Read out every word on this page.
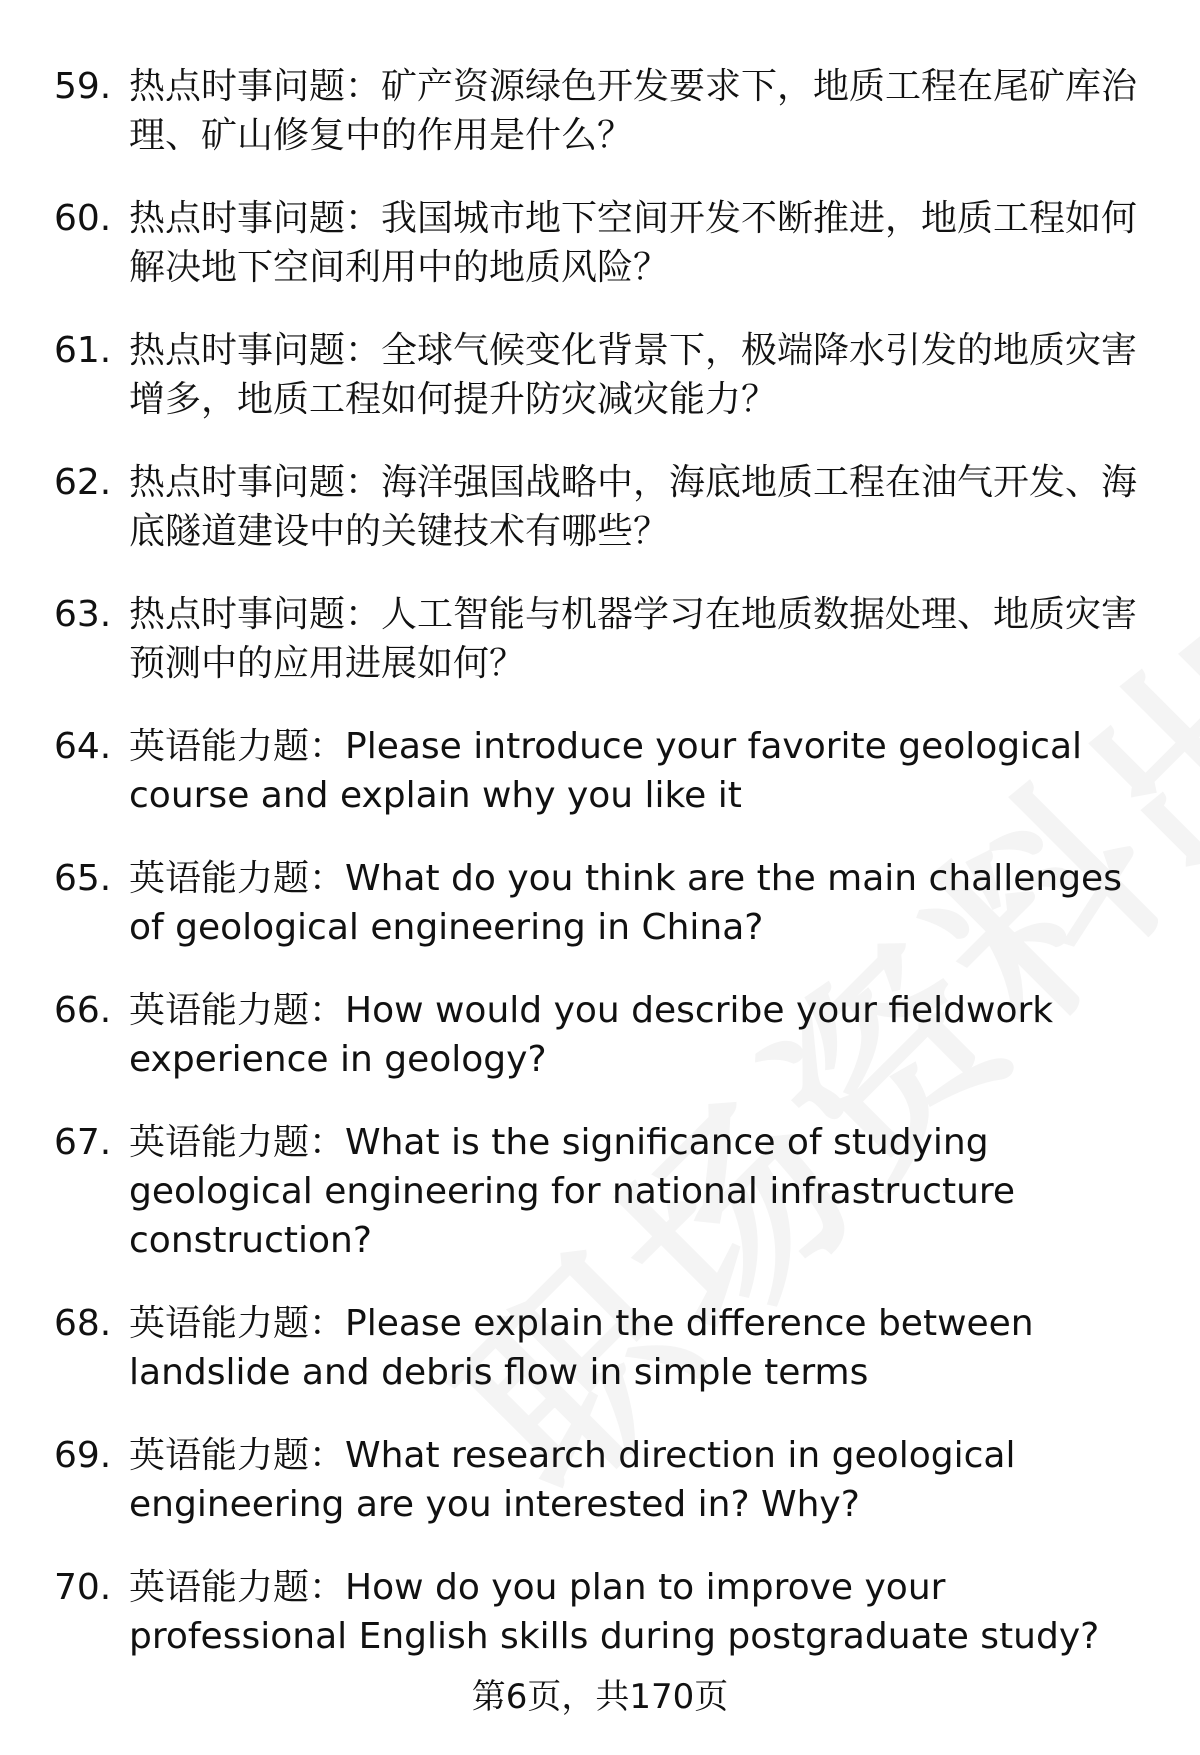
59. 热点时事问题：矿产资源绿色开发要求下，地质工程在尾矿库治理、矿山修复中的作用是什么？
60. 热点时事问题：我国城市地下空间开发不断推进，地质工程如何解决地下空间利用中的地质风险？
61. 热点时事问题：全球气候变化背景下，极端降水引发的地质灾害增多，地质工程如何提升防灾减灾能力？
62. 热点时事问题：海洋强国战略中，海底地质工程在油气开发、海底隧道建设中的关键技术有哪些？
63. 热点时事问题：人工智能与机器学习在地质数据处理、地质灾害预测中的应用进展如何？
64. 英语能力题：Please introduce your favorite geological course and explain why you like it
65. 英语能力题：What do you think are the main challenges of geological engineering in China?
66. 英语能力题：How would you describe your fieldwork experience in geology?
67. 英语能力题：What is the significance of studying geological engineering for national infrastructure construction?
68. 英语能力题：Please explain the difference between landslide and debris flow in simple terms
69. 英语能力题：What research direction in geological engineering are you interested in? Why?
70. 英语能力题：How do you plan to improve your professional English skills during postgraduate study?
第6页，共170页
